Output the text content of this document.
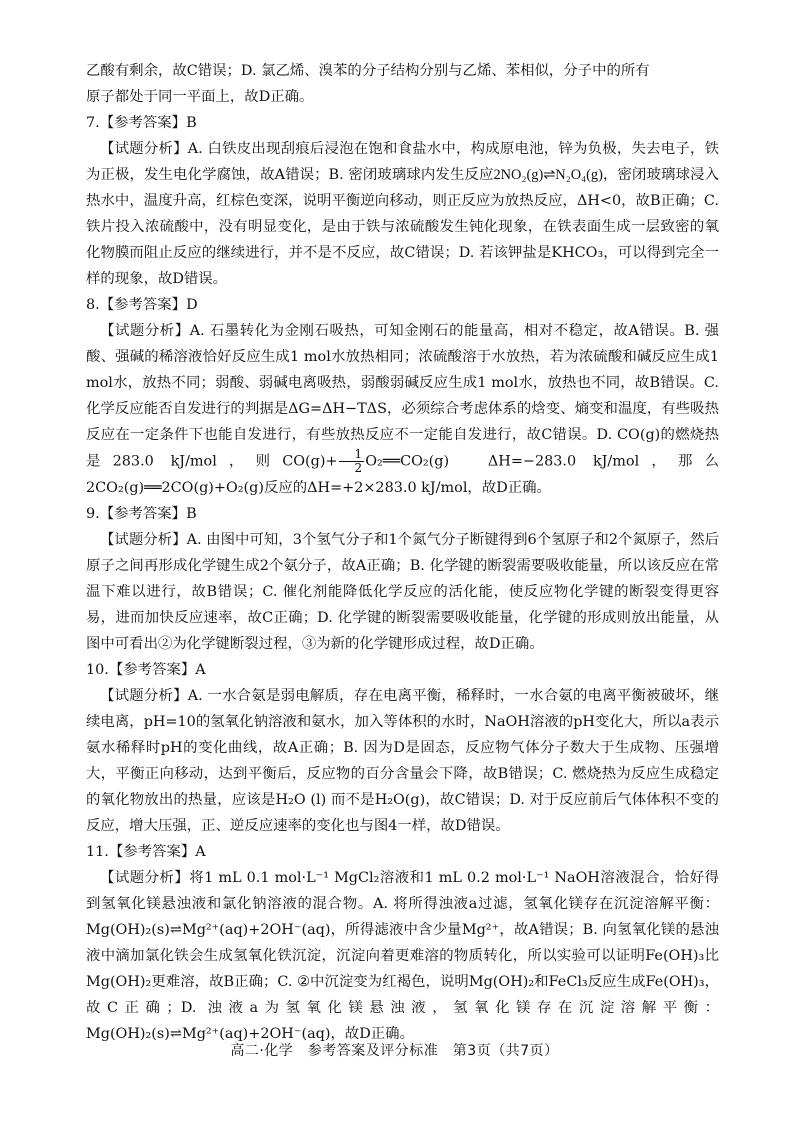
乙酸有剩余，故C错误；D. 氯乙烯、溴苯的分子结构分别与乙烯、苯相似，分子中的所有

原子都处于同一平面上，故D正确。

7.【参考答案】B

【试题分析】A. 白铁皮出现刮痕后浸泡在饱和食盐水中，构成原电池，锌为负极，失去电子，铁为正极，发生电化学腐蚀，故A错误；B. 密闭玻璃球内发生反应2NO₂(g)⇌N₂O₄(g)，密闭玻璃球浸入热水中，温度升高，红棕色变深，说明平衡逆向移动，则正反应为放热反应，ΔH<0，故B正确；C. 铁片投入浓硫酸中，没有明显变化，是由于铁与浓硫酸发生钝化现象，在铁表面生成一层致密的氧化物膜而阻止反应的继续进行，并不是不反应，故C错误；D. 若该钾盐是KHCO₃，可以得到完全一样的现象，故D错误。

8.【参考答案】D

【试题分析】A. 石墨转化为金刚石吸热，可知金刚石的能量高，相对不稳定，故A错误。B. 强酸、强碱的稀溶液恰好反应生成1 mol水放热相同；浓硫酸溶于水放热，若为浓硫酸和碱反应生成1 mol水，放热不同；弱酸、弱碱电离吸热，弱酸弱碱反应生成1 mol水，放热也不同，故B错误。C. 化学反应能否自发进行的判据是ΔG=ΔH−TΔS，必须综合考虑体系的焓变、熵变和温度，有些吸热反应在一定条件下也能自发进行，有些放热反应不一定能自发进行，故C错误。D. CO(g)的燃烧热是283.0 kJ/mol，则$CO(g)+ \frac{1}{2}$ O₂══CO₂(g)　ΔH=−283.0 kJ/mol，那么2CO₂(g)══2CO(g)+O₂(g)反应的ΔH=+2×283.0 kJ/mol，故D正确。

9.【参考答案】B

【试题分析】A. 由图中可知，3个氢气分子和1个氮气分子断键得到6个氢原子和2个氮原子，然后原子之间再形成化学键生成2个氨分子，故A正确；B. 化学键的断裂需要吸收能量，所以该反应在常温下难以进行，故B错误；C. 催化剂能降低化学反应的活化能，使反应物化学键的断裂变得更容易，进而加快反应速率，故C正确；D. 化学键的断裂需要吸收能量，化学键的形成则放出能量，从图中可看出②为化学键断裂过程，③为新的化学键形成过程，故D正确。

10.【参考答案】A

【试题分析】A. 一水合氨是弱电解质，存在电离平衡，稀释时，一水合氨的电离平衡被破坏，继续电离，pH=10的氢氧化钠溶液和氨水，加入等体积的水时，NaOH溶液的pH变化大，所以a表示氨水稀释时pH的变化曲线，故A正确；B. 因为D是固态，反应物气体分子数大于生成物、压强增大，平衡正向移动，达到平衡后，反应物的百分含量会下降，故B错误；C. 燃烧热为反应生成稳定的氧化物放出的热量，应该是H₂O (l) 而不是H₂O(g)，故C错误；D. 对于反应前后气体体积不变的反应，增大压强，正、逆反应速率的变化也与图4一样，故D错误。

11.【参考答案】A

【试题分析】将1 mL 0.1 mol·L⁻¹ MgCl₂溶液和1 mL 0.2 mol·L⁻¹ NaOH溶液混合，恰好得到氢氧化镁悬浊液和氯化钠溶液的混合物。A. 将所得浊液a过滤，氢氧化镁存在沉淀溶解平衡：Mg(OH)₂(s)⇌Mg²⁺(aq)+2OH⁻(aq)，所得滤液中含少量Mg²⁺，故A错误；B. 向氢氧化镁的悬浊液中滴加氯化铁会生成氢氧化铁沉淀，沉淀向着更难溶的物质转化，所以实验可以证明Fe(OH)₃比Mg(OH)₂更难溶，故B正确；C. ②中沉淀变为红褐色，说明Mg(OH)₂和FeCl₃反应生成Fe(OH)₃，故C正确；D. 浊液a为氢氧化镁悬浊液，氢氧化镁存在沉淀溶解平衡：Mg(OH)₂(s)⇌Mg²⁺(aq)+2OH⁻(aq)，故D正确。

高二·化学　参考答案及评分标准　第3页（共7页）
